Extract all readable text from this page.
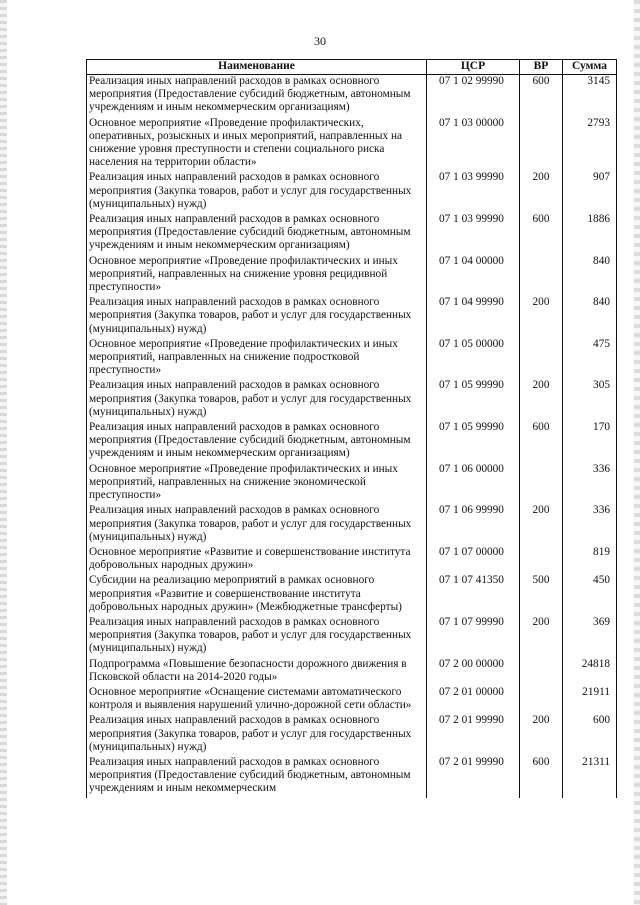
30
Наименование	ЦСР	ВР	Сумма
Реализация иных направлений расходов в рамках основного мероприятия (Предоставление субсидий бюджетным, автономным учреждениям и иным некоммерческим организациям)	07 1 02 99990	600	3145
Основное мероприятие «Проведение профилактических, оперативных, розыскных и иных мероприятий, направленных на снижение уровня преступности и степени социального риска населения на территории области»	07 1 03 00000		2793
Реализация иных направлений расходов в рамках основного мероприятия (Закупка товаров, работ и услуг для государственных (муниципальных) нужд)	07 1 03 99990	200	907
Реализация иных направлений расходов в рамках основного мероприятия (Предоставление субсидий бюджетным, автономным учреждениям и иным некоммерческим организациям)	07 1 03 99990	600	1886
Основное мероприятие «Проведение профилактических и иных мероприятий, направленных на снижение уровня рецидивной преступности»	07 1 04 00000		840
Реализация иных направлений расходов в рамках основного мероприятия (Закупка товаров, работ и услуг для государственных (муниципальных) нужд)	07 1 04 99990	200	840
Основное мероприятие «Проведение профилактических и иных мероприятий, направленных на снижение подростковой преступности»	07 1 05 00000		475
Реализация иных направлений расходов в рамках основного мероприятия (Закупка товаров, работ и услуг для государственных (муниципальных) нужд)	07 1 05 99990	200	305
Реализация иных направлений расходов в рамках основного мероприятия (Предоставление субсидий бюджетным, автономным учреждениям и иным некоммерческим организациям)	07 1 05 99990	600	170
Основное мероприятие «Проведение профилактических и иных мероприятий, направленных на снижение экономической преступности»	07 1 06 00000		336
Реализация иных направлений расходов в рамках основного мероприятия (Закупка товаров, работ и услуг для государственных (муниципальных) нужд)	07 1 06 99990	200	336
Основное мероприятие «Развитие и совершенствование института добровольных народных дружин»	07 1 07 00000		819
Субсидии на реализацию мероприятий в рамках основного мероприятия «Развитие и совершенствование института добровольных народных дружин» (Межбюджетные трансферты)	07 1 07 41350	500	450
Реализация иных направлений расходов в рамках основного мероприятия (Закупка товаров, работ и услуг для государственных (муниципальных) нужд)	07 1 07 99990	200	369
Подпрограмма «Повышение безопасности дорожного движения в Псковской области на 2014-2020 годы»	07 2 00 00000		24818
Основное мероприятие «Оснащение системами автоматического контроля и выявления нарушений улично-дорожной сети области»	07 2 01 00000		21911
Реализация иных направлений расходов в рамках основного мероприятия (Закупка товаров, работ и услуг для государственных (муниципальных) нужд)	07 2 01 99990	200	600
Реализация иных направлений расходов в рамках основного мероприятия (Предоставление субсидий бюджетным, автономным учреждениям и иным некоммерческим	07 2 01 99990	600	21311
